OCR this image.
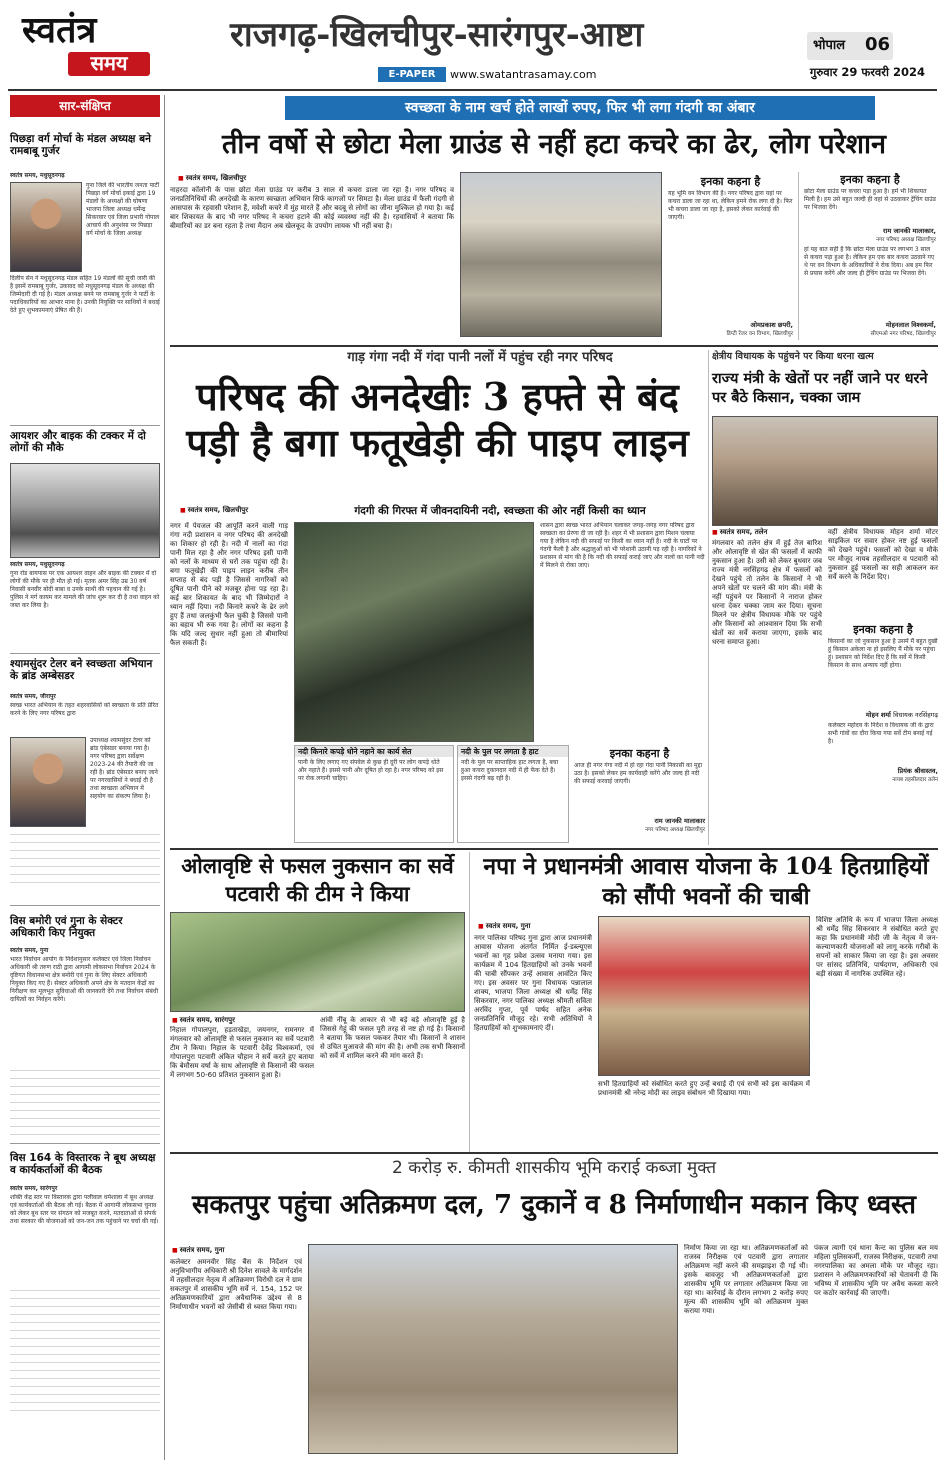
स्वतंत्र
समय
राजगढ़-खिलचीपुर-सारंगपुर-आष्टा
E-PAPER	www.swatantrasamay.com
भोपाल 06
गुरुवार 29 फरवरी 2024
सार-संक्षिप्त
पिछड़ा वर्ग मोर्चा के मंडल अध्यक्ष बने रामबाबू गुर्जर
स्वतंत्र समय, मधुसूदनगढ़
गुना जिले की भारतीय जनता पार्टी पिछड़ा वर्ग मोर्चा इकाई द्वारा 19 मंडलों के अध्यक्षों की घोषणा भाजपा जिला अध्यक्ष धर्मेन्द्र सिकरवार एवं जिला प्रभारी गोपाल आचार्य की अनुशंसा पर पिछड़ा वर्ग मोर्चा के जिला अध्यक्ष
दिलीप सेन ने मधुसूदनगढ़ मंडल सहित 19 मंडलों की सूची जारी की है इसमें रामबाबू गुर्जर, उकावद को मधुसूदनगढ़ मंडल के अध्यक्ष की जिम्मेदारी दी गई है। मंडल अध्यक्ष बनने पर रामबाबू गुर्जर ने पार्टी के पदाधिकारियों का आभार माना है। उनकी नियुक्ति पर साथियों ने बधाई देते हुए शुभकामनाएं प्रेषित की हैं।
आयशर और बाइक की टक्कर में दो लोगों की मौके
स्वतंत्र समय, मधुसूदनगढ़
गुना रोड बायपास पर एक आयशर वाहन और बाइक की टक्कर में दो लोगों की मौके पर ही मौत हो गई। मृतक अमर सिंह उम्र 30 वर्ष निवासी बनवीर बोदी बाबा व उनके साथी की पहचान की गई है। पुलिस ने मर्ग कायम कर मामले की जांच शुरू कर दी है तथा वाहन को जब्त कर लिया है।
श्यामसुंदर टेलर बने स्वच्छता अभियान के ब्रांड अम्बेसडर
स्वतंत्र समय, जीरापुर
स्वच्छ भारत अभियान के तहत शहरवासियों को स्वच्छता के प्रति प्रेरित करने के लिए नगर परिषद द्वारा
उपाध्यक्ष श्यामसुंदर टेलर को ब्रांड एंबेसडर बनाया गया है। नगर परिषद द्वारा सर्वेक्षण 2023-24 की तैयारी की जा रही है। ब्रांड एंबेसडर बनाए जाने पर नगरवासियों ने बधाई दी है तथा स्वच्छता अभियान में सहयोग का संकल्प लिया है।
विस बमोरी एवं गुना के सेक्टर अधिकारी किए नियुक्त
स्वतंत्र समय, गुना
भारत निर्वाचन आयोग के निर्देशानुसार कलेक्टर एवं जिला निर्वाचन अधिकारी श्री तरुण राठी द्वारा आगामी लोकसभा निर्वाचन 2024 के दृष्टिगत विधानसभा क्षेत्र बमोरी एवं गुना के लिए सेक्टर अधिकारी नियुक्त किए गए हैं। सेक्टर अधिकारी अपने क्षेत्र के मतदान केंद्रों का निरीक्षण कर मूलभूत सुविधाओं की जानकारी देंगे तथा निर्वाचन संबंधी दायित्वों का निर्वहन करेंगे।
विस 164 के विस्तारक ने बूथ अध्यक्ष व कार्यकर्ताओं की बैठक
स्वतंत्र समय, सारंगपुर
शक्ति केंद्र स्तर पर विस्तारक द्वारा पलीवाल धर्मशाला में बूथ अध्यक्ष एवं कार्यकर्ताओं की बैठक ली गई। बैठक में आगामी लोकसभा चुनाव को लेकर बूथ स्तर पर संगठन को मजबूत करने, मतदाताओं से संपर्क तथा सरकार की योजनाओं को जन-जन तक पहुंचाने पर चर्चा की गई।
स्वच्छता के नाम खर्च होते लाखों रुपए, फिर भी लगा गंदगी का अंबार
तीन वर्षो से छोटा मेला ग्राउंड से नहीं हटा कचरे का ढेर, लोग परेशान
■ स्वतंत्र समय, खिलचीपुर
नाहरदा कॉलोनी के पास छोटा मेला ग्राउंड पर करीब 3 साल से कचरा डाला जा रहा है। नगर परिषद व जनप्रतिनिधियों की अनदेखी के कारण स्वच्छता अभियान सिर्फ कागजों पर सिमटा है। मेला ग्राउंड में फैली गंदगी से आसपास के रहवासी परेशान हैं, मवेशी कचरे में मुंह मारते हैं और बदबू से लोगों का जीना मुश्किल हो गया है। कई बार शिकायत के बाद भी नगर परिषद ने कचरा हटाने की कोई व्यवस्था नहीं की है। रहवासियों ने बताया कि बीमारियों का डर बना रहता है तथा मैदान अब खेलकूद के उपयोग लायक भी नहीं बचा है।
इनका कहना है
यह भूमि वन विभाग की है। नगर परिषद द्वारा यहां पर कचरा डाला जा रहा था, लेकिन हमने रोक लगा दी है। फिर भी कचरा डाला जा रहा है, इसको लेकर कार्रवाई की जाएगी।
ओमप्रकाश छपरी,
डिप्टी रेंजर वन विभाग, खिलचीपुर
इनका कहना है
छोटा मेला ग्राउंड पर कचरा पड़ा हुआ है। हमें भी शिकायत मिली है। हम उसे बहुत जल्दी ही वहां से उठवाकर ट्रेंचिंग ग्राउंड पर भिजवा देंगे।
राम जानकी मालाकार,
नगर परिषद अध्यक्ष खिलचीपुर
हां यह बात सही है कि छोटा मेला ग्राउंड पर लगभग 3 साल से कचरा पड़ा हुआ है। लेकिन हम एक बार कचरा उठवाने गए थे पर वन विभाग के अधिकारियों ने रोक दिया। अब हम फिर से प्रयास करेंगे और जल्द ही ट्रेंचिंग ग्राउंड पर भिजवा देंगे।
मोहनलाल विश्वकर्मा,
सीएमओ नगर परिषद, खिलचीपुर
गाड़ गंगा नदी में गंदा पानी नलों में पहुंच रही नगर परिषद
परिषद की अनदेखीः 3 हफ्ते से बंद
पड़ी है बगा फतूखेड़ी की पाइप लाइन
■ स्वतंत्र समय, खिलचीपुर	गंदगी की गिरफ्त में जीवनदायिनी नदी, स्वच्छता की ओर नहीं किसी का ध्यान
नगर में पेयजल की आपूर्ति करने वाली गाड़ गंगा नदी प्रशासन व नगर परिषद की अनदेखी का शिकार हो रही है। नदी में नालों का गंदा पानी मिल रहा है और नगर परिषद इसी पानी को नलों के माध्यम से घरों तक पहुंचा रही है। बगा फतूखेड़ी की पाइप लाइन करीब तीन सप्ताह से बंद पड़ी है जिससे नागरिकों को दूषित पानी पीने को मजबूर होना पड़ रहा है। कई बार शिकायत के बाद भी जिम्मेदारों ने ध्यान नहीं दिया। नदी किनारे कचरे के ढेर लगे हुए हैं तथा जलकुंभी फैल चुकी है जिससे पानी का बहाव भी रुक गया है। लोगों का कहना है कि यदि जल्द सुधार नहीं हुआ तो बीमारियां फैल सकती हैं।
शासन द्वारा स्वच्छ भारत अभियान चलाकर जगह-जगह नगर परिषद द्वारा स्वच्छता का प्रेरणा दी जा रही है। शहर में भी प्रशासन द्वारा मिशन चलाया गया है लेकिन नदी की सफाई पर किसी का ध्यान नहीं है। नदी के घाटों पर गंदगी फैली है और श्रद्धालुओं को भी परेशानी उठानी पड़ रही है। नागरिकों ने प्रशासन से मांग की है कि नदी की सफाई कराई जाए और नालों का पानी नदी में मिलने से रोका जाए।
नदी किनारे कपड़े धोने नहाने का कार्य सेत
पानी के लिए लगाए गए संपवेल से कुछ ही दूरी पर लोग कपड़े धोते और नहाते हैं। इससे पानी और दूषित हो रहा है। नगर परिषद को इस पर रोक लगानी चाहिए।
नदी के पुल पर लगता है हाट
नदी के पुल पर साप्ताहिक हाट लगता है, बचा हुआ कचरा दुकानदार नदी में ही फेंक देते हैं। इससे गंदगी बढ़ रही है।
इनका कहना है
आज ही नगर गंगा नदी में हो रहा गंदा पानी निकासी का मुद्दा उठा है। इसको लेकर हम कार्यवाही करेंगे और जल्द ही नदी की सफाई करवाई जाएगी।
राम जानकी मालाकार
नगर परिषद अध्यक्ष खिलचीपुर
क्षेत्रीय विधायक के पहुंचने पर किया धरना खत्म
राज्य मंत्री के खेतों पर नहीं जाने पर धरने पर बैठे किसान, चक्का जाम
■ स्वतंत्र समय, तलेन
मंगलवार को तलेन क्षेत्र में हुई तेज बारिश और ओलावृष्टि से खेत की फसलों में काफी नुकसान हुआ है। उसी को लेकर बुधवार जब राज्य मंत्री नरसिंहगढ़ क्षेत्र में फसलों को देखने पहुंचे तो तलेन के किसानों ने भी अपने खेतों पर चलने की मांग की। मंत्री के नहीं पहुंचने पर किसानों ने नाराज होकर धरना देकर चक्का जाम कर दिया। सूचना मिलने पर क्षेत्रीय विधायक मौके पर पहुंचे और किसानों को आश्वासन दिया कि सभी खेतों का सर्वे कराया जाएगा, इसके बाद धरना समाप्त हुआ।
वहीं क्षेत्रीय विधायक मोहन शर्मा मोटर साइकिल पर सवार होकर नष्ट हुई फसलों को देखने पहुंचे। फसलों को देखा व मौके पर मौजूद नायब तहसीलदार व पटवारी को नुकसान हुई फसलों का सही आकलन कर सर्वे करने के निर्देश दिए।
इनका कहना है
किसानों का जो नुकसान हुआ है उसमें मैं बहुत दुखी हूं किसान अकेला ना हो इसलिए मैं मौके पर पहुंचा हूं। प्रशासन को निर्देश दिए हैं कि सर्वे में किसी किसान के साथ अन्याय नहीं होगा।
मोहन शर्मा विधायक नरसिंहगढ़
कलेक्टर महोदय के निर्देश व विधायक जी के द्वारा सभी गांवों का दौरा किया गया सर्वे टीम बनाई गई है।
प्रियंक श्रीवास्तव,
नायब तहसीलदार तलेन
ओलावृष्टि से फसल नुकसान का सर्वे पटवारी की टीम ने किया
■ स्वतंत्र समय, सारंगपुर
निहाल गोपालपुरा, हड़ताखेड़ा, जयनगर, रामनगर में मंगलवार को ओलावृष्टि से फसल नुकसान का सर्वे पटवारी टीम ने किया। निहाल के पटवारी देवेंद्र विश्वकर्मा, एवं गोपालपुरा पटवारी अंकित चौहान ने सर्वे करते हुए बताया कि बेमौसम वर्षा के साथ ओलावृष्टि से किसानों की फसल में लगभग 50-60 प्रतिशत नुकसान हुआ है।
आंवी नींबू के आकार से भी बड़े बड़े ओलावृष्टि हुई है जिससे गेहूं की फसल पूरी तरह से नष्ट हो गई है। किसानों ने बताया कि फसल पककर तैयार थी। किसानों ने शासन से उचित मुआवजे की मांग की है। अभी तक सभी किसानों को सर्वे में शामिल करने की मांग करते हैं।
नपा ने प्रधानमंत्री आवास योजना के 104 हितग्राहियों को सौंपी भवनों की चाबी
■ स्वतंत्र समय, गुना
नगर पालिका परिषद गुना द्वारा आज प्रधानमंत्री आवास योजना अंतर्गत निर्मित ई-डब्ल्यूएस भवनों का गृह प्रवेश उत्सव मनाया गया। इस कार्यक्रम में 104 हितग्राहियों को उनके भवनों की चाबी सौंपकर उन्हें आवास आवंटित किए गए। इस अवसर पर गुना विधायक पन्नालाल शाक्य, भाजपा जिला अध्यक्ष श्री धर्मेंद्र सिंह सिकरवार, नगर पालिका अध्यक्ष श्रीमती सविता अरविंद गुप्ता, पूर्व पार्षद सहित अनेक जनप्रतिनिधि मौजूद रहे। सभी अतिथियों ने हितग्राहियों को शुभकामनाएं दीं।
सभी हितग्राहियों को संबोधित करते हुए उन्हें बधाई दी एवं सभी को इस कार्यक्रम में प्रधानमंत्री श्री नरेन्द्र मोदी का लाइव संबोधन भी दिखाया गया।
विशिष्ट अतिथि के रूप में भाजपा जिला अध्यक्ष श्री धर्मेंद्र सिंह सिकरवार ने संबोधित करते हुए कहा कि प्रधानमंत्री मोदी जी के नेतृत्व में जन-कल्याणकारी योजनाओं को लागू करके गरीबों के सपनों को साकार किया जा रहा है। इस अवसर पर सांसद प्रतिनिधि, पार्षदगण, अधिकारी एवं बड़ी संख्या में नागरिक उपस्थित रहे।
2 करोड़ रु. कीमती शासकीय भूमि कराई कब्जा मुक्त
सकतपुर पहुंचा अतिक्रमण दल, 7 दुकानें व 8 निर्माणाधीन मकान किए ध्वस्त
■ स्वतंत्र समय, गुना
कलेक्टर अमनवीर सिंह बैंस के निर्देशन एवं अनुविभागीय अधिकारी श्री दिनेश सावले के मार्गदर्शन में तहसीलदार नेतृत्व में अतिक्रमण विरोधी दल ने ग्राम सकतपुर में शासकीय भूमि सर्वे नं. 154, 152 पर अतिक्रमणकारियों द्वारा अवैधानिक उद्देश्य से 8 निर्माणाधीन भवनों को जेसीबी से ध्वस्त किया गया।
निर्माण किया जा रहा था। अतिक्रमणकर्ताओं को राजस्व निरीक्षक एवं पटवारी द्वारा लगातार अतिक्रमण नहीं करने की समझाइश दी गई थी। इसके बावजूद भी अतिक्रमणकर्ताओं द्वारा शासकीय भूमि पर लगातार अतिक्रमण किया जा रहा था। कार्रवाई के दौरान लगभग 2 करोड़ रुपए मूल्य की शासकीय भूमि को अतिक्रमण मुक्त कराया गया।
पंकज त्यागी एवं थाना कैन्ट का पुलिस बल मय महिला पुलिसकर्मी, राजस्व निरीक्षक, पटवारी तथा नगरपालिका का अमला मौके पर मौजूद रहा। प्रशासन ने अतिक्रमणकारियों को चेतावनी दी कि भविष्य में शासकीय भूमि पर अवैध कब्जा करने पर कठोर कार्रवाई की जाएगी।
